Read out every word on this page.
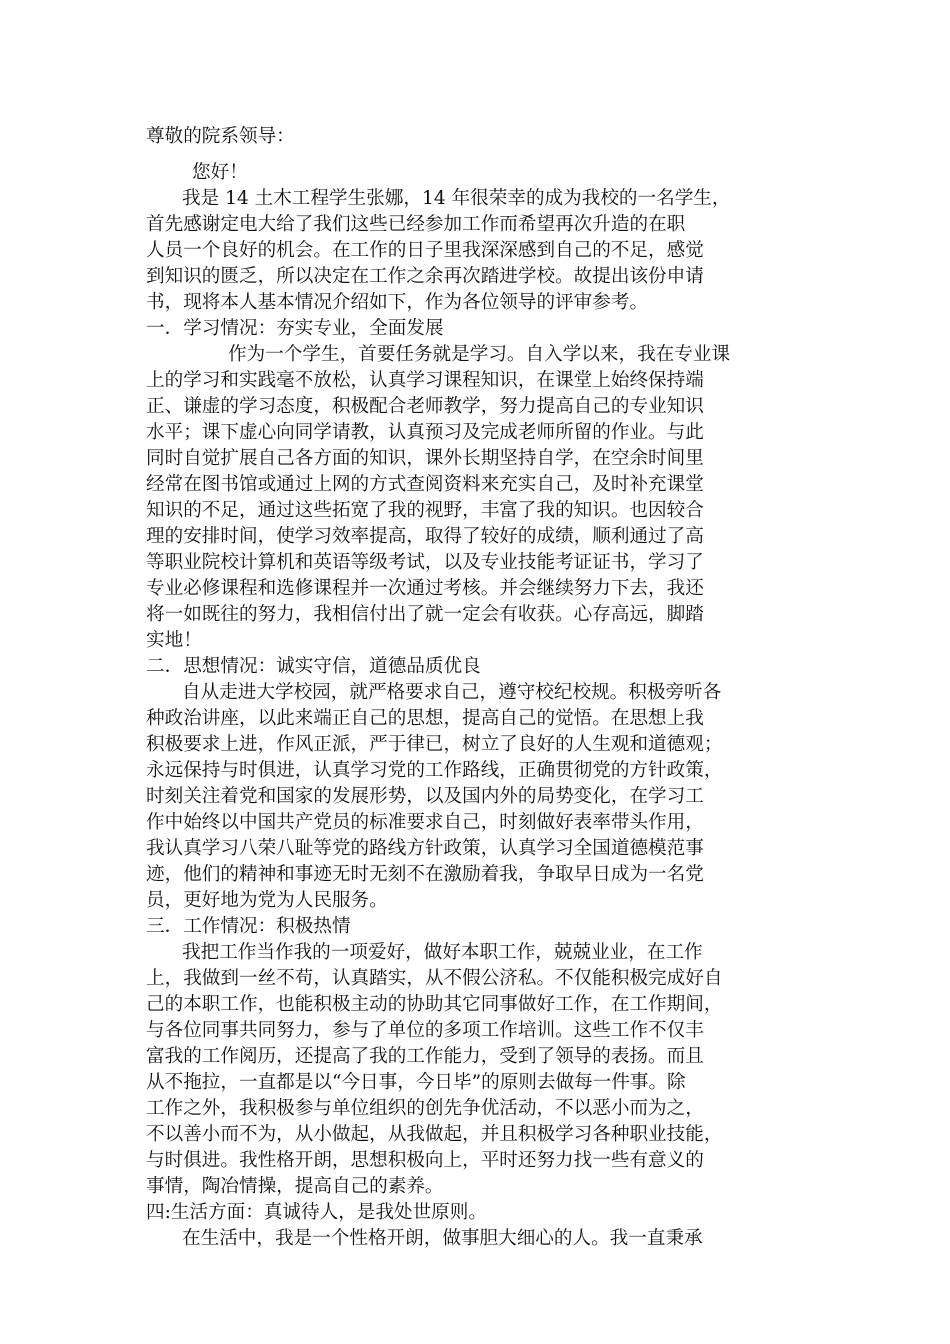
尊敬的院系领导：
您好！
我是 14 土木工程学生张娜，14 年很荣幸的成为我校的一名学生，
首先感谢定电大给了我们这些已经参加工作而希望再次升造的在职
人员一个良好的机会。在工作的日子里我深深感到自己的不足，感觉
到知识的匮乏，所以决定在工作之余再次踏进学校。故提出该份申请
书，现将本人基本情况介绍如下，作为各位领导的评审参考。
一．学习情况：夯实专业，全面发展
作为一个学生，首要任务就是学习。自入学以来，我在专业课
上的学习和实践毫不放松，认真学习课程知识，在课堂上始终保持端
正、谦虚的学习态度，积极配合老师教学，努力提高自己的专业知识
水平；课下虚心向同学请教，认真预习及完成老师所留的作业。与此
同时自觉扩展自己各方面的知识，课外长期坚持自学，在空余时间里
经常在图书馆或通过上网的方式查阅资料来充实自己，及时补充课堂
知识的不足，通过这些拓宽了我的视野，丰富了我的知识。也因较合
理的安排时间，使学习效率提高，取得了较好的成绩，顺利通过了高
等职业院校计算机和英语等级考试，以及专业技能考证证书，学习了
专业必修课程和选修课程并一次通过考核。并会继续努力下去，我还
将一如既往的努力，我相信付出了就一定会有收获。心存高远，脚踏
实地！
二．思想情况：诚实守信，道德品质优良
自从走进大学校园，就严格要求自己，遵守校纪校规。积极旁听各
种政治讲座，以此来端正自己的思想，提高自己的觉悟。在思想上我
积极要求上进，作风正派，严于律已，树立了良好的人生观和道德观；
永远保持与时俱进，认真学习党的工作路线，正确贯彻党的方针政策，
时刻关注着党和国家的发展形势，以及国内外的局势变化，在学习工
作中始终以中国共产党员的标准要求自己，时刻做好表率带头作用，
我认真学习八荣八耻等党的路线方针政策，认真学习全国道德模范事
迹，他们的精神和事迹无时无刻不在激励着我，争取早日成为一名党
员，更好地为党为人民服务。
三．工作情况：积极热情
我把工作当作我的一项爱好，做好本职工作，兢兢业业，在工作
上，我做到一丝不苟，认真踏实，从不假公济私。不仅能积极完成好自
己的本职工作，也能积极主动的协助其它同事做好工作，在工作期间，
与各位同事共同努力，参与了单位的多项工作培训。这些工作不仅丰
富我的工作阅历，还提高了我的工作能力，受到了领导的表扬。而且
从不拖拉，一直都是以“今日事，今日毕”的原则去做每一件事。除
工作之外，我积极参与单位组织的创先争优活动，不以恶小而为之，
不以善小而不为，从小做起，从我做起，并且积极学习各种职业技能，
与时俱进。我性格开朗，思想积极向上，平时还努力找一些有意义的
事情，陶冶情操，提高自己的素养。
四:生活方面：真诚待人，是我处世原则。
在生活中，我是一个性格开朗，做事胆大细心的人。我一直秉承
